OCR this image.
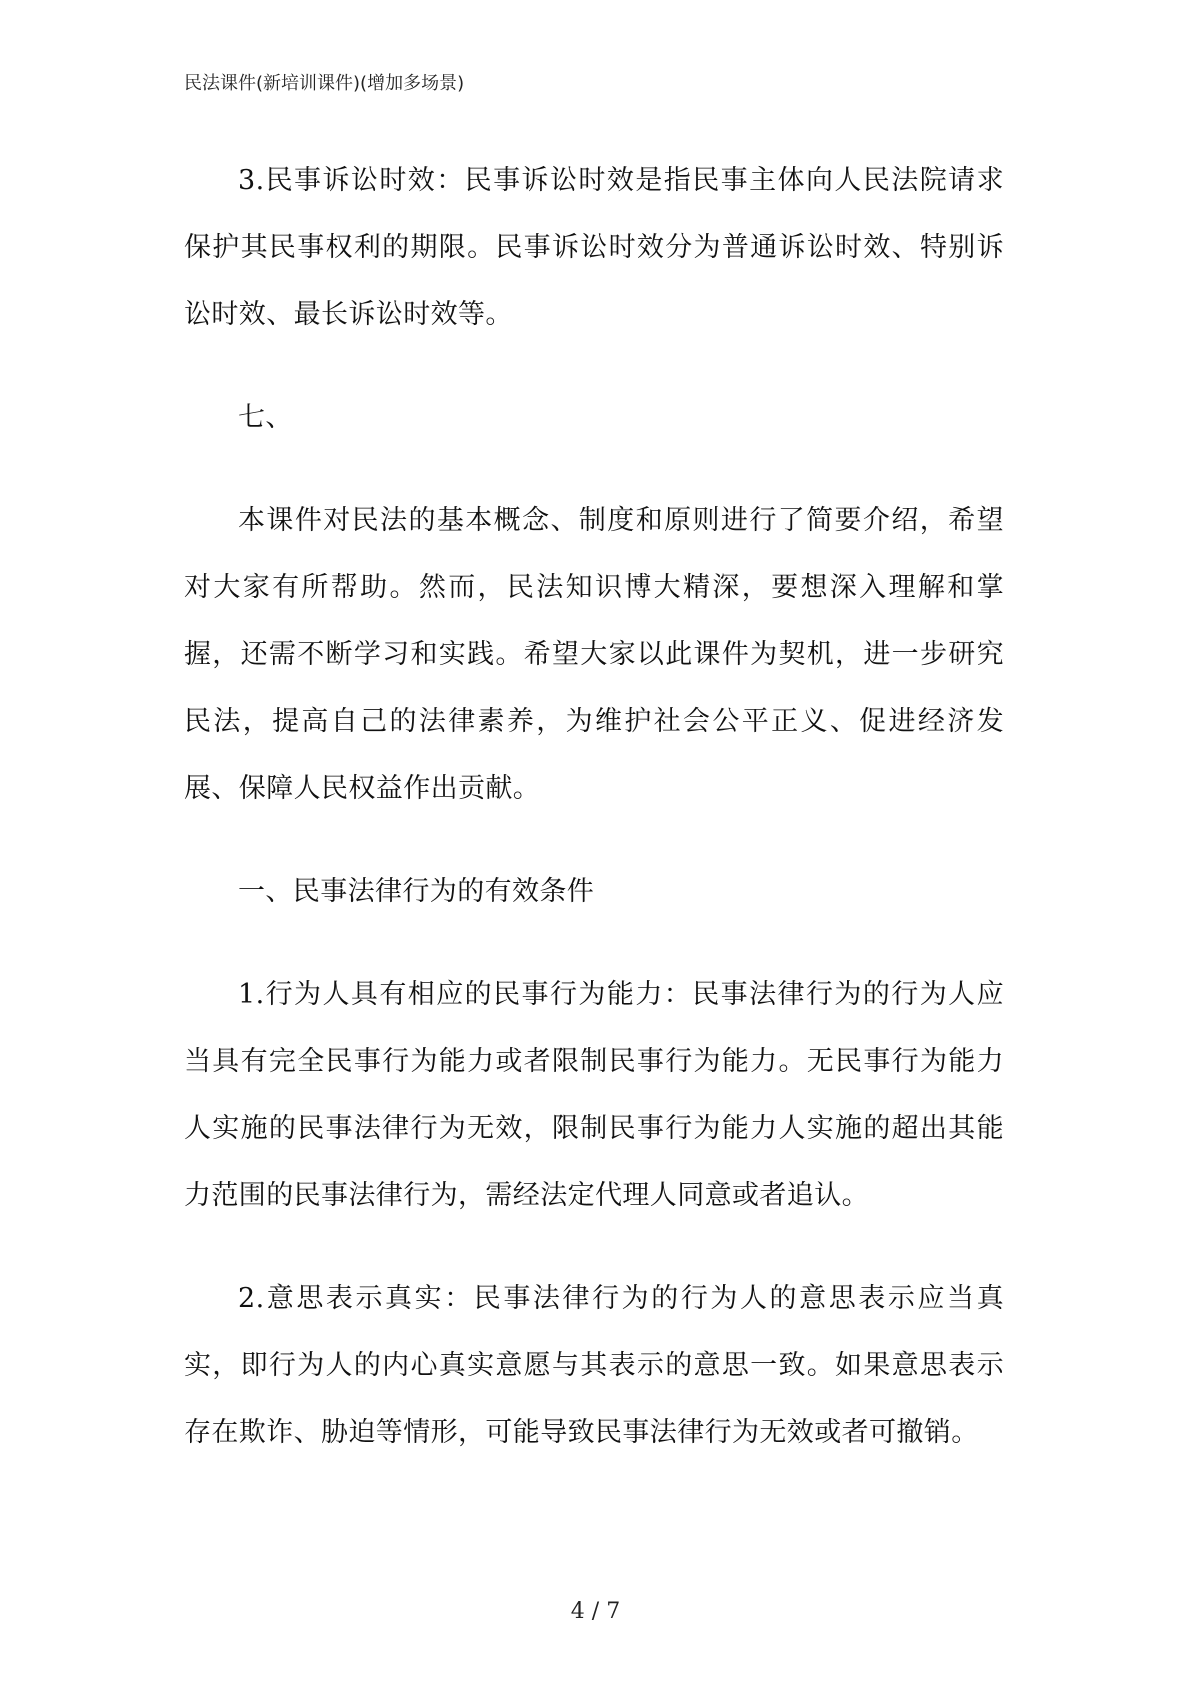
民法课件(新培训课件)(增加多场景)

3.民事诉讼时效：民事诉讼时效是指民事主体向人民法院请求保护其民事权利的期限。民事诉讼时效分为普通诉讼时效、特别诉讼时效、最长诉讼时效等。

七、

本课件对民法的基本概念、制度和原则进行了简要介绍，希望对大家有所帮助。然而，民法知识博大精深，要想深入理解和掌握，还需不断学习和实践。希望大家以此课件为契机，进一步研究民法，提高自己的法律素养，为维护社会公平正义、促进经济发展、保障人民权益作出贡献。

一、民事法律行为的有效条件

1.行为人具有相应的民事行为能力：民事法律行为的行为人应当具有完全民事行为能力或者限制民事行为能力。无民事行为能力人实施的民事法律行为无效，限制民事行为能力人实施的超出其能力范围的民事法律行为，需经法定代理人同意或者追认。

2.意思表示真实：民事法律行为的行为人的意思表示应当真实，即行为人的内心真实意愿与其表示的意思一致。如果意思表示存在欺诈、胁迫等情形，可能导致民事法律行为无效或者可撤销。

4 / 7
